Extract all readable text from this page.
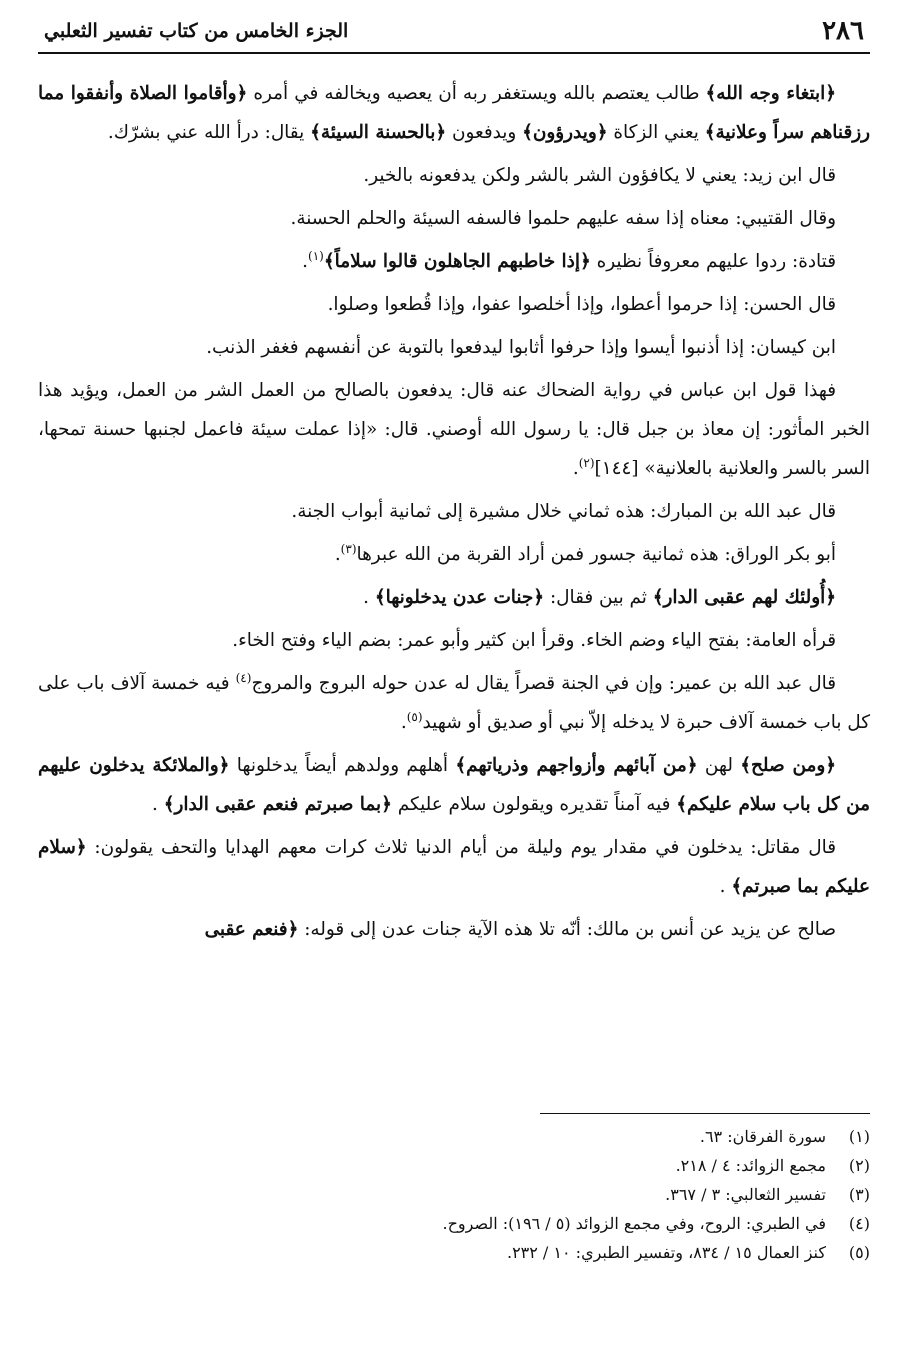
٢٨٦
الجزء الخامس من كتاب تفسير الثعلبي

﴿ابتغاء وجه الله﴾ طالب يعتصم بالله ويستغفر ربه أن يعصيه ويخالفه في أمره ﴿وأقاموا الصلاة وأنفقوا مما رزقناهم سراً وعلانية﴾ يعني الزكاة ﴿ويدرؤون﴾ ويدفعون ﴿بالحسنة السيئة﴾ يقال: درأ الله عني بشرّك.

قال ابن زيد: يعني لا يكافؤون الشر بالشر ولكن يدفعونه بالخير.

وقال القتيبي: معناه إذا سفه عليهم حلموا فالسفه السيئة والحلم الحسنة.

قتادة: ردوا عليهم معروفاً نظيره ﴿إذا خاطبهم الجاهلون قالوا سلاماً﴾$^{(١)}$.

قال الحسن: إذا حرموا أعطوا، وإذا أخلصوا عفوا، وإذا قُطعوا وصلوا.

ابن كيسان: إذا أذنبوا أيسوا وإذا حرفوا أثابوا ليدفعوا بالتوبة عن أنفسهم فغفر الذنب.

فهذا قول ابن عباس في رواية الضحاك عنه قال: يدفعون بالصالح من العمل الشر من العمل، ويؤيد هذا الخبر المأثور: إن معاذ بن جبل قال: يا رسول الله أوصني. قال: «إذا عملت سيئة فاعمل لجنبها حسنة تمحها، السر بالسر والعلانية بالعلانية» [١٤٤]$^{(٢)}$.

قال عبد الله بن المبارك: هذه ثماني خلال مشيرة إلى ثمانية أبواب الجنة.

أبو بكر الوراق: هذه ثمانية جسور فمن أراد القربة من الله عبرها$^{(٣)}$.

﴿أُولئك لهم عقبى الدار﴾ ثم بين فقال: ﴿جنات عدن يدخلونها﴾ .

قرأه العامة: بفتح الياء وضم الخاء. وقرأ ابن كثير وأبو عمر: بضم الياء وفتح الخاء.

قال عبد الله بن عمير: وإن في الجنة قصراً يقال له عدن حوله البروج والمروج$^{(٤)}$ فيه خمسة آلاف باب على كل باب خمسة آلاف حبرة لا يدخله إلاّ نبي أو صديق أو شهيد$^{(٥)}$.

﴿ومن صلح﴾ لهن ﴿من آبائهم وأزواجهم وذرياتهم﴾ أهلهم وولدهم أيضاً يدخلونها ﴿والملائكة يدخلون عليهم من كل باب سلام عليكم﴾ فيه آمناً تقديره ويقولون سلام عليكم ﴿بما صبرتم فنعم عقبى الدار﴾ .

قال مقاتل: يدخلون في مقدار يوم وليلة من أيام الدنيا ثلاث كرات معهم الهدايا والتحف يقولون: ﴿سلام عليكم بما صبرتم﴾ .

صالح عن يزيد عن أنس بن مالك: أنّه تلا هذه الآية جنات عدن إلى قوله: ﴿فنعم عقبى

(١)سورة الفرقان: ٦٣.

(٢)مجمع الزوائد: ٤ / ٢١٨.

(٣)تفسير الثعالبي: ٣ / ٣٦٧.

(٤)في الطبري: الروح، وفي مجمع الزوائد (٥ / ١٩٦): الصروح.

(٥)كنز العمال ١٥ / ٨٣٤، وتفسير الطبري: ١٠ / ٢٣٢.
